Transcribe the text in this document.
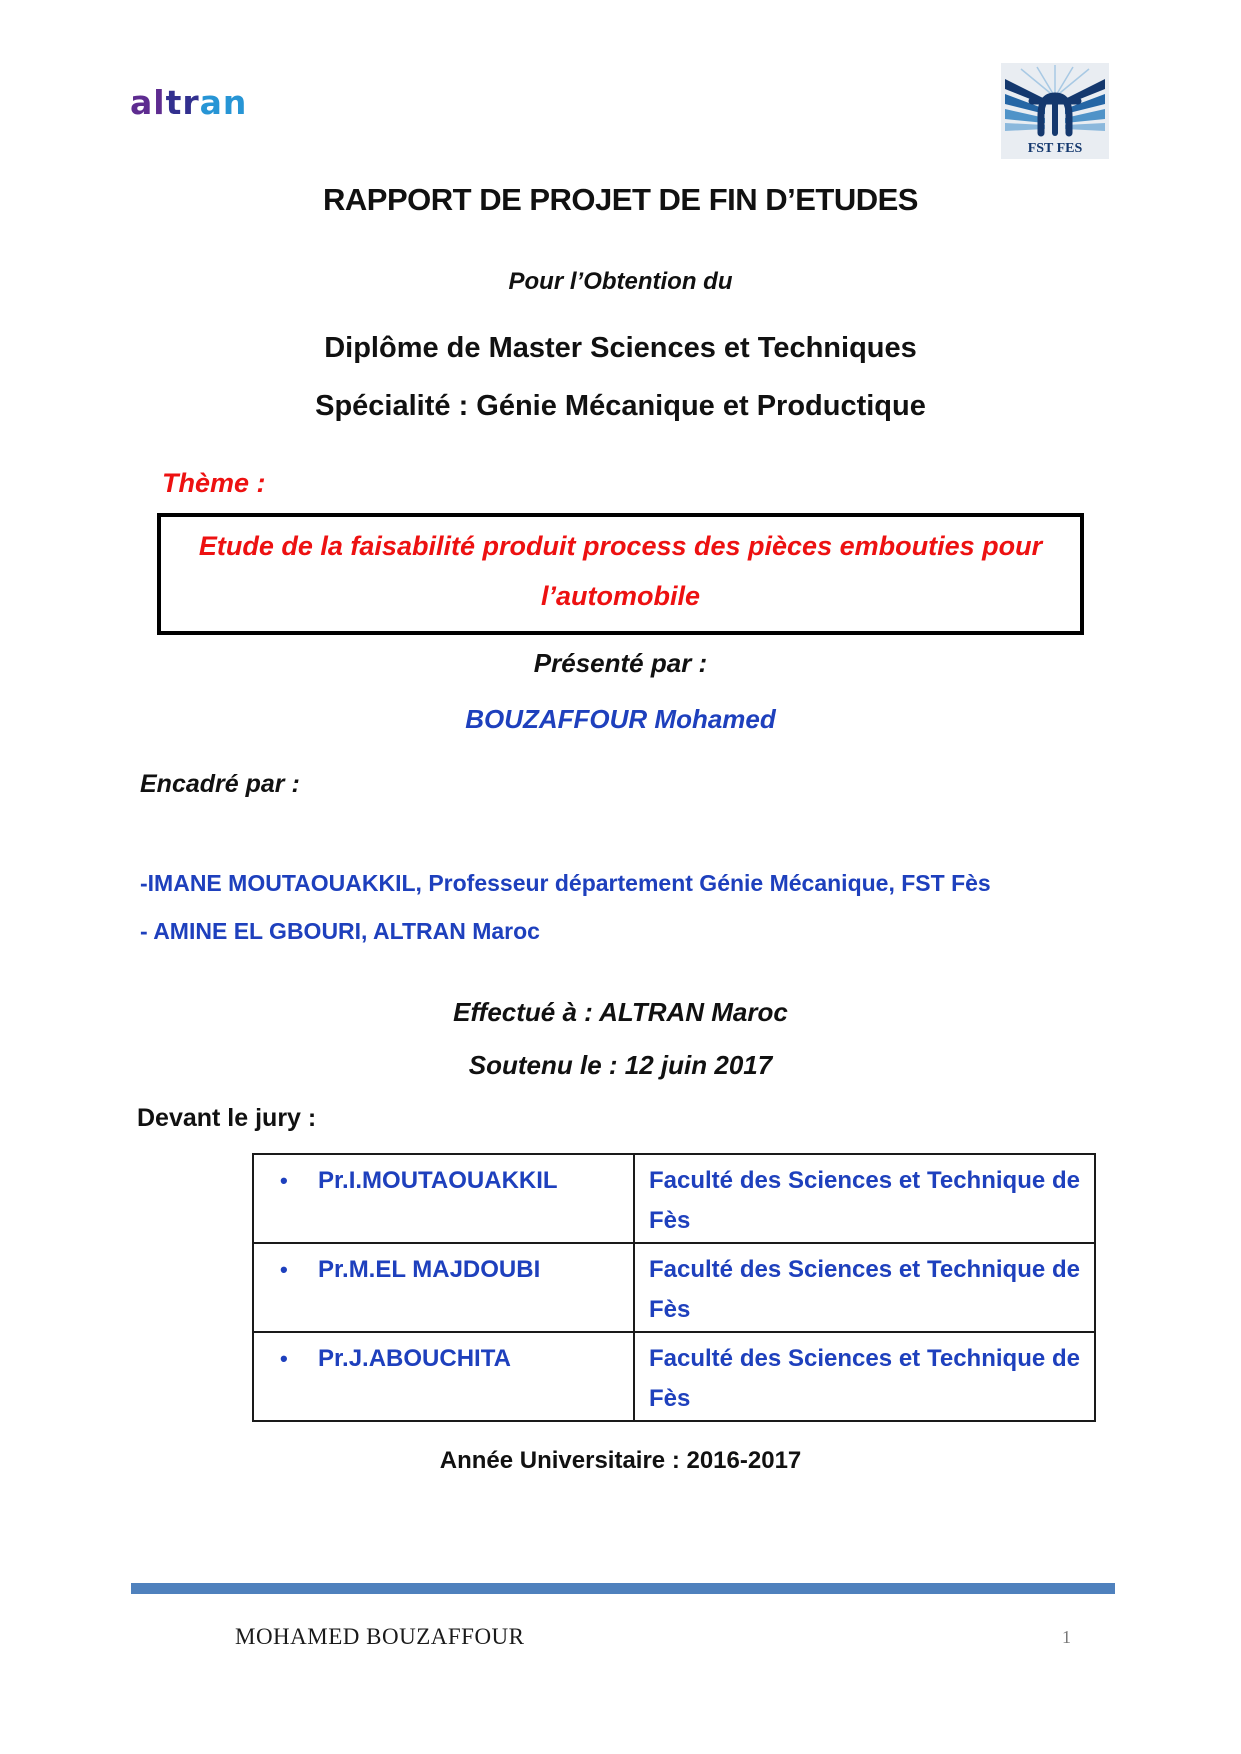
altran
FST FES
RAPPORT DE PROJET DE FIN D’ETUDES
Pour l’Obtention du
Diplôme de Master Sciences et Techniques
Spécialité : Génie Mécanique et Productique
Thème :
Etude de la faisabilité produit process des pièces embouties pour l’automobile
Présenté par :
BOUZAFFOUR Mohamed
Encadré par :
-IMANE MOUTAOUAKKIL, Professeur département Génie Mécanique, FST Fès
- AMINE EL GBOURI, ALTRAN Maroc
Effectué à : ALTRAN Maroc
Soutenu le : 12 juin 2017
Devant le jury :
• Pr.I.MOUTAOUAKKIL	Faculté des Sciences et Technique de Fès
• Pr.M.EL MAJDOUBI	Faculté des Sciences et Technique de Fès
• Pr.J.ABOUCHITA	Faculté des Sciences et Technique de Fès
Année Universitaire : 2016-2017
MOHAMED BOUZAFFOUR	1
